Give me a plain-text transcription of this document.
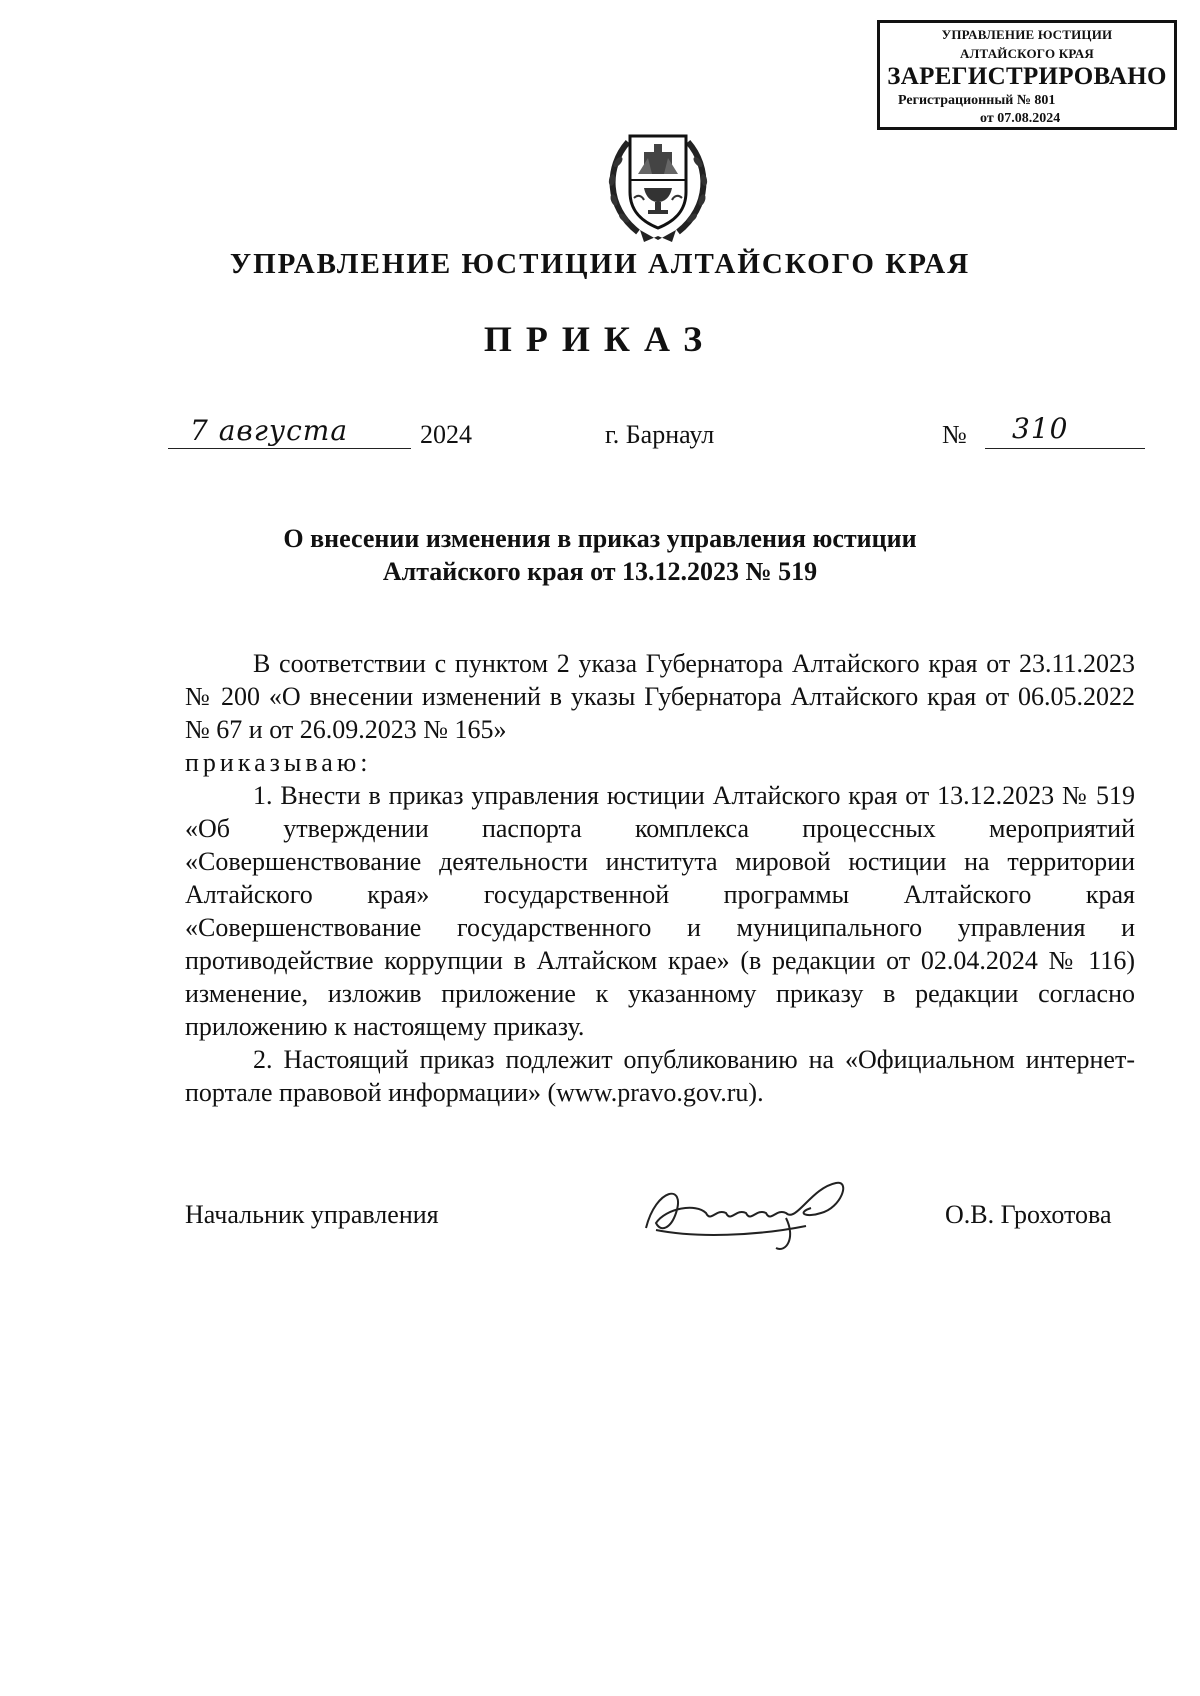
УПРАВЛЕНИЕ ЮСТИЦИИ
АЛТАЙСКОГО КРАЯ
ЗАРЕГИСТРИРОВАНО
Регистрационный № 801
от 07.08.2024
УПРАВЛЕНИЕ ЮСТИЦИИ АЛТАЙСКОГО КРАЯ
ПРИКАЗ
7 августа	2024	г. Барнаул	№ 310
О внесении изменения в приказ управления юстиции
Алтайского края от 13.12.2023 № 519

В соответствии с пунктом 2 указа Губернатора Алтайского края от 23.11.2023 № 200 «О внесении изменений в указы Губернатора Алтайского края от 06.05.2022 № 67 и от 26.09.2023 № 165»

приказываю:

1. Внести в приказ управления юстиции Алтайского края от 13.12.2023 № 519 «Об утверждении паспорта комплекса процессных мероприятий «Совершенствование деятельности института мировой юстиции на территории Алтайского края» государственной программы Алтайского края «Совершенствование государственного и муниципального управления и противодействие коррупции в Алтайском крае» (в редакции от 02.04.2024 № 116) изменение, изложив приложение к указанному приказу в редакции согласно приложению к настоящему приказу.

2. Настоящий приказ подлежит опубликованию на «Официальном интернет-портале правовой информации» (www.pravo.gov.ru).

Начальник управления	О.В. Грохотова
